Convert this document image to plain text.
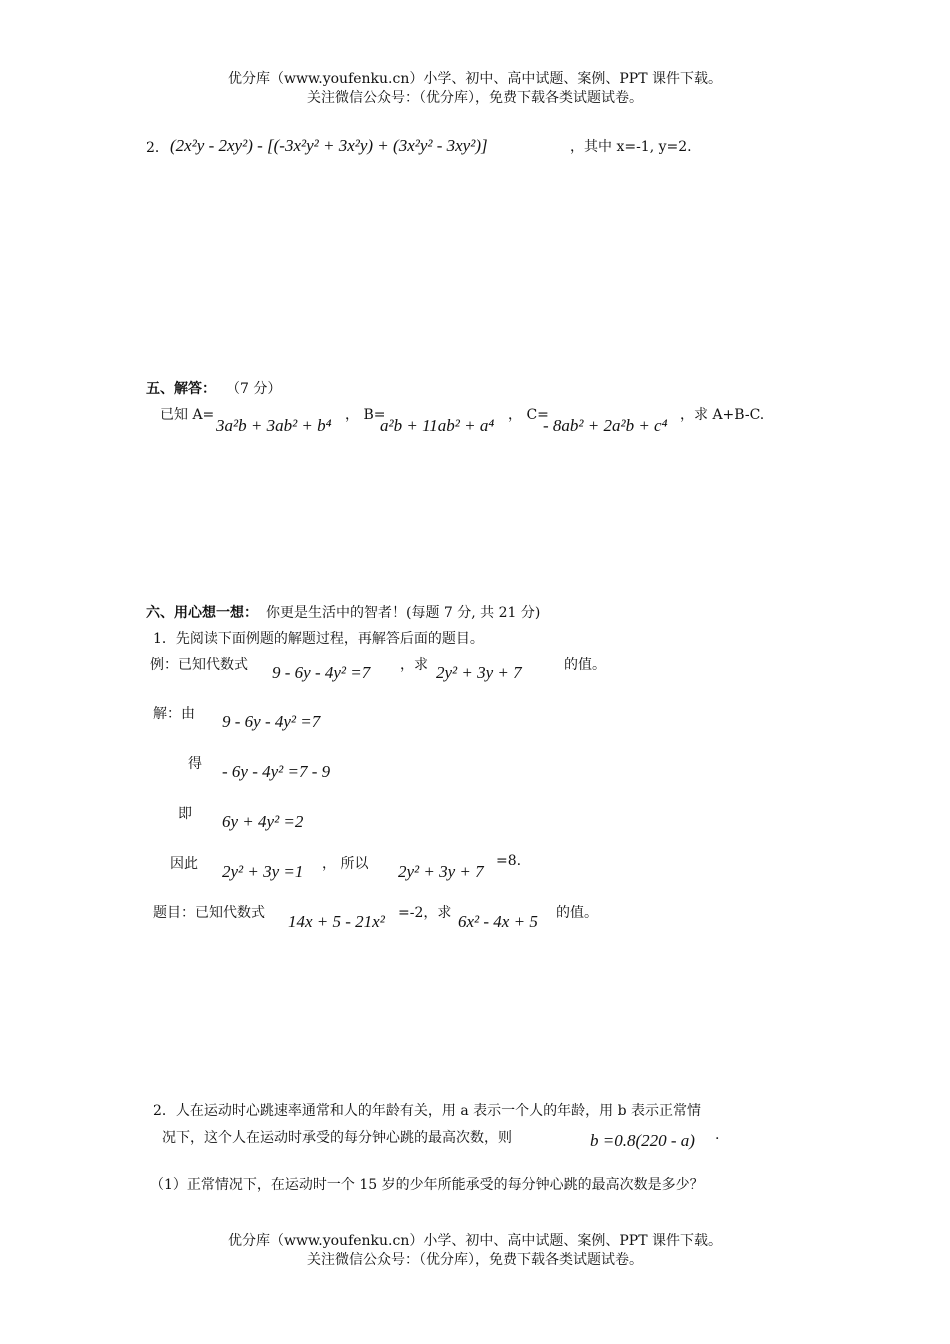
优分库（www.youfenku.cn）小学、初中、高中试题、案例、PPT 课件下载。
关注微信公众号：（优分库），免费下载各类试题试卷。
2． (2x²y - 2xy²) - [(-3x²y² + 3x²y) + (3x²y² - 3xy²)]	，其中 x=-1, y=2.
五、解答： （7 分）
已知 A=
3a²b + 3ab² + b⁴
， B=
a²b + 11ab² + a⁴
， C=
- 8ab² + 2a²b + c⁴
，求 A+B-C.
六、用心想一想： 你更是生活中的智者！(每题 7 分, 共 21 分)
1．先阅读下面例题的解题过程，再解答后面的题目。
例：已知代数式 9 - 6y - 4y² =7 ，求 2y² + 3y + 7	的值。
解：由 9 - 6y - 4y² =7
得 - 6y - 4y² =7 - 9
即 6y + 4y² =2
因此 2y² + 3y =1 ， 所以 2y² + 3y + 7
=8.
题目：已知代数式 14x + 5 - 21x² =-2，求 6x² - 4x + 5 的值。
2．人在运动时心跳速率通常和人的年龄有关，用 a 表示一个人的年龄，用 b 表示正常情
况下，这个人在运动时承受的每分钟心跳的最高次数，则	b =0.8(220 - a) .
（1）正常情况下，在运动时一个 15 岁的少年所能承受的每分钟心跳的最高次数是多少？
优分库（www.youfenku.cn）小学、初中、高中试题、案例、PPT 课件下载。
关注微信公众号：（优分库），免费下载各类试题试卷。
